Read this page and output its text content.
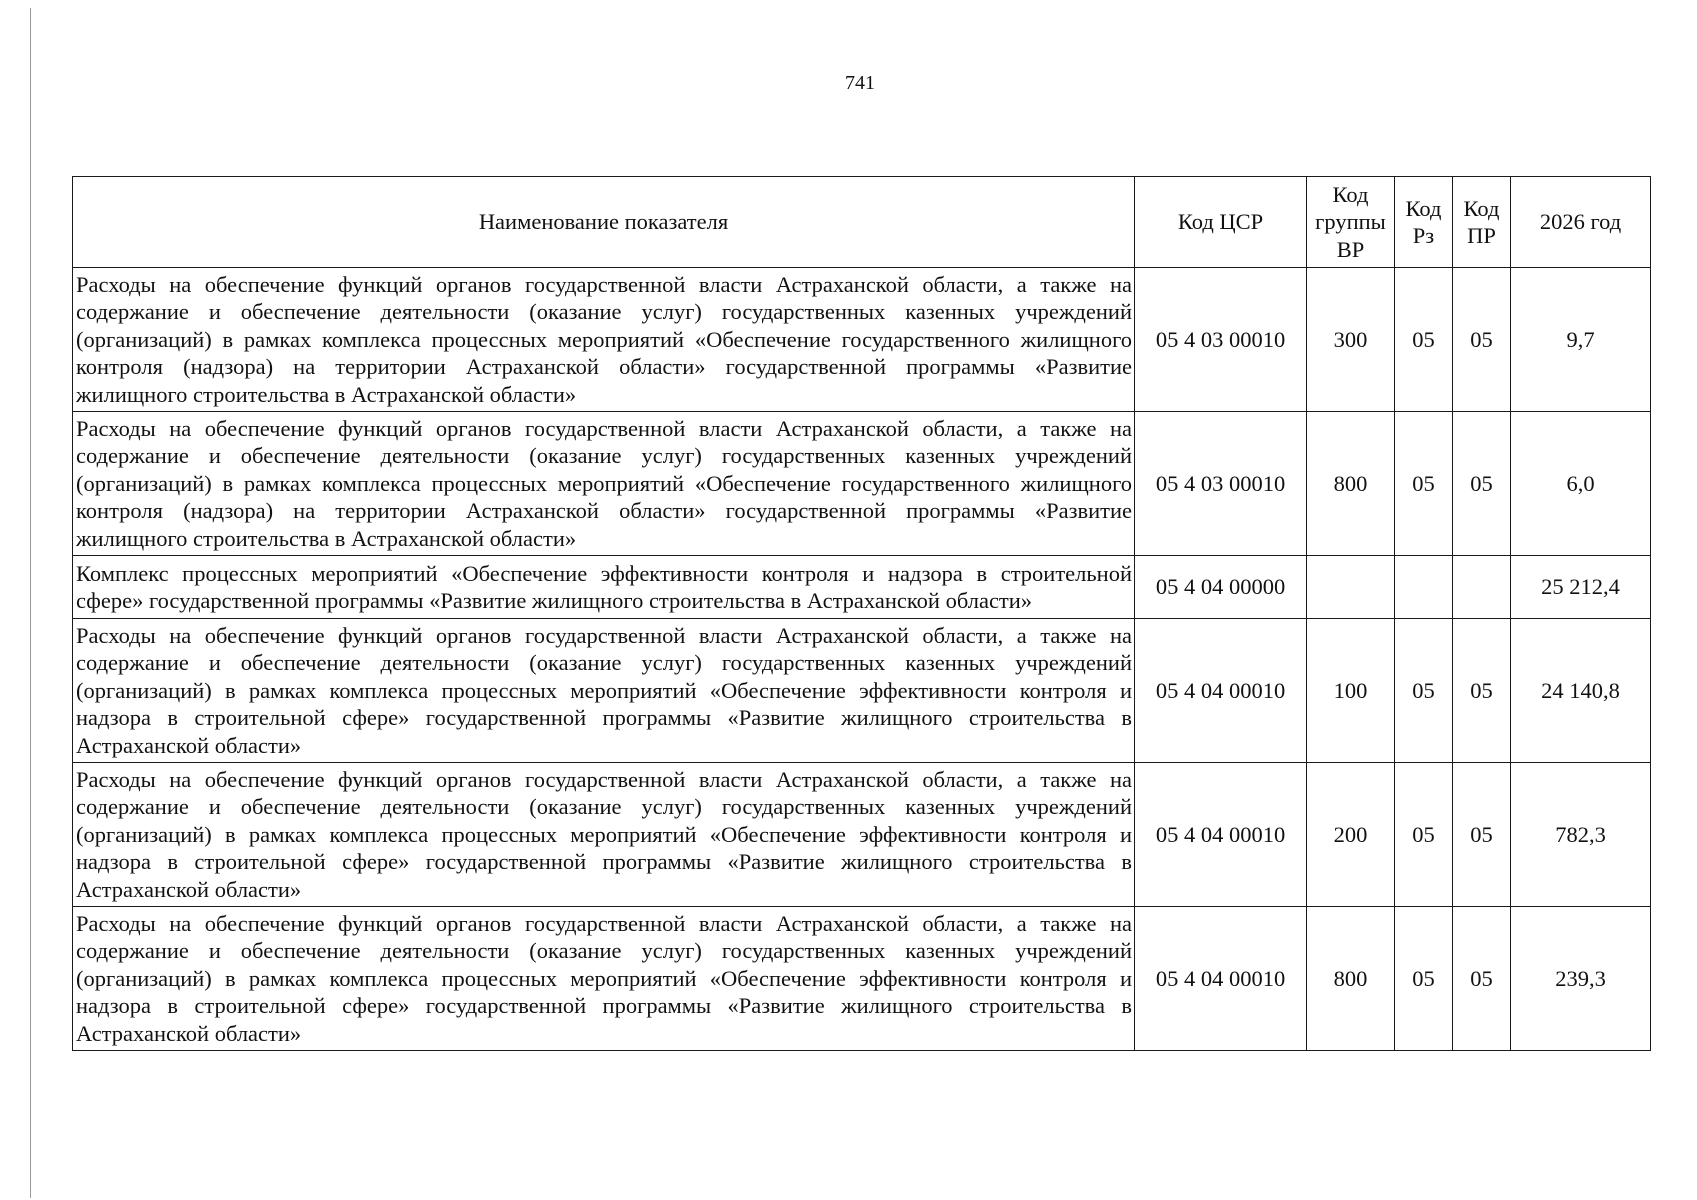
741
Наименование показателя	Код ЦСР	Код группы ВР	Код Рз	Код ПР	2026 год
Расходы на обеспечение функций органов государственной власти Астраханской области, а также на содержание и обеспечение деятельности (оказание услуг) государственных казенных учреждений (организаций) в рамках комплекса процессных мероприятий «Обеспечение государственного жилищного контроля (надзора) на территории Астраханской области» государственной программы «Развитие жилищного строительства в Астраханской области»	05 4 03 00010	300	05	05	9,7
Расходы на обеспечение функций органов государственной власти Астраханской области, а также на содержание и обеспечение деятельности (оказание услуг) государственных казенных учреждений (организаций) в рамках комплекса процессных мероприятий «Обеспечение государственного жилищного контроля (надзора) на территории Астраханской области» государственной программы «Развитие жилищного строительства в Астраханской области»	05 4 03 00010	800	05	05	6,0
Комплекс процессных мероприятий «Обеспечение эффективности контроля и надзора в строительной сфере» государственной программы «Развитие жилищного строительства в Астраханской области»	05 4 04 00000				25 212,4
Расходы на обеспечение функций органов государственной власти Астраханской области, а также на содержание и обеспечение деятельности (оказание услуг) государственных казенных учреждений (организаций) в рамках комплекса процессных мероприятий «Обеспечение эффективности контроля и надзора в строительной сфере» государственной программы «Развитие жилищного строительства в Астраханской области»	05 4 04 00010	100	05	05	24 140,8
Расходы на обеспечение функций органов государственной власти Астраханской области, а также на содержание и обеспечение деятельности (оказание услуг) государственных казенных учреждений (организаций) в рамках комплекса процессных мероприятий «Обеспечение эффективности контроля и надзора в строительной сфере» государственной программы «Развитие жилищного строительства в Астраханской области»	05 4 04 00010	200	05	05	782,3
Расходы на обеспечение функций органов государственной власти Астраханской области, а также на содержание и обеспечение деятельности (оказание услуг) государственных казенных учреждений (организаций) в рамках комплекса процессных мероприятий «Обеспечение эффективности контроля и надзора в строительной сфере» государственной программы «Развитие жилищного строительства в Астраханской области»	05 4 04 00010	800	05	05	239,3
